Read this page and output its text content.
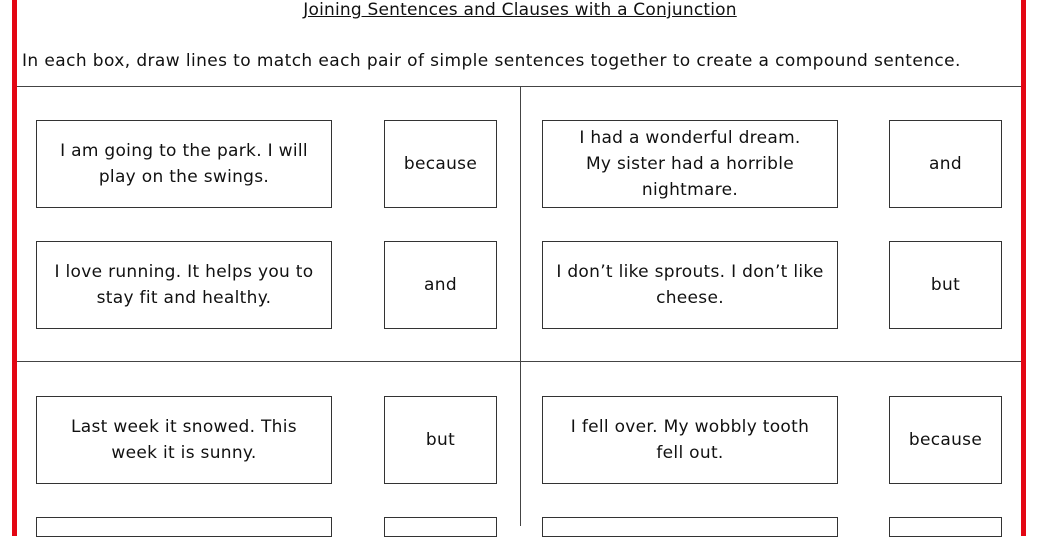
Joining Sentences and Clauses with a Conjunction
In each box, draw lines to match each pair of simple sentences together to create a compound sentence.
I am going to the park. I will play on the swings.
because
I love running. It helps you to stay fit and healthy.
and
I had a wonderful dream. My sister had a horrible nightmare.
and
I don’t like sprouts. I don’t like cheese.
but
Last week it snowed. This week it is sunny.
but
I fell over. My wobbly tooth fell out.
because
